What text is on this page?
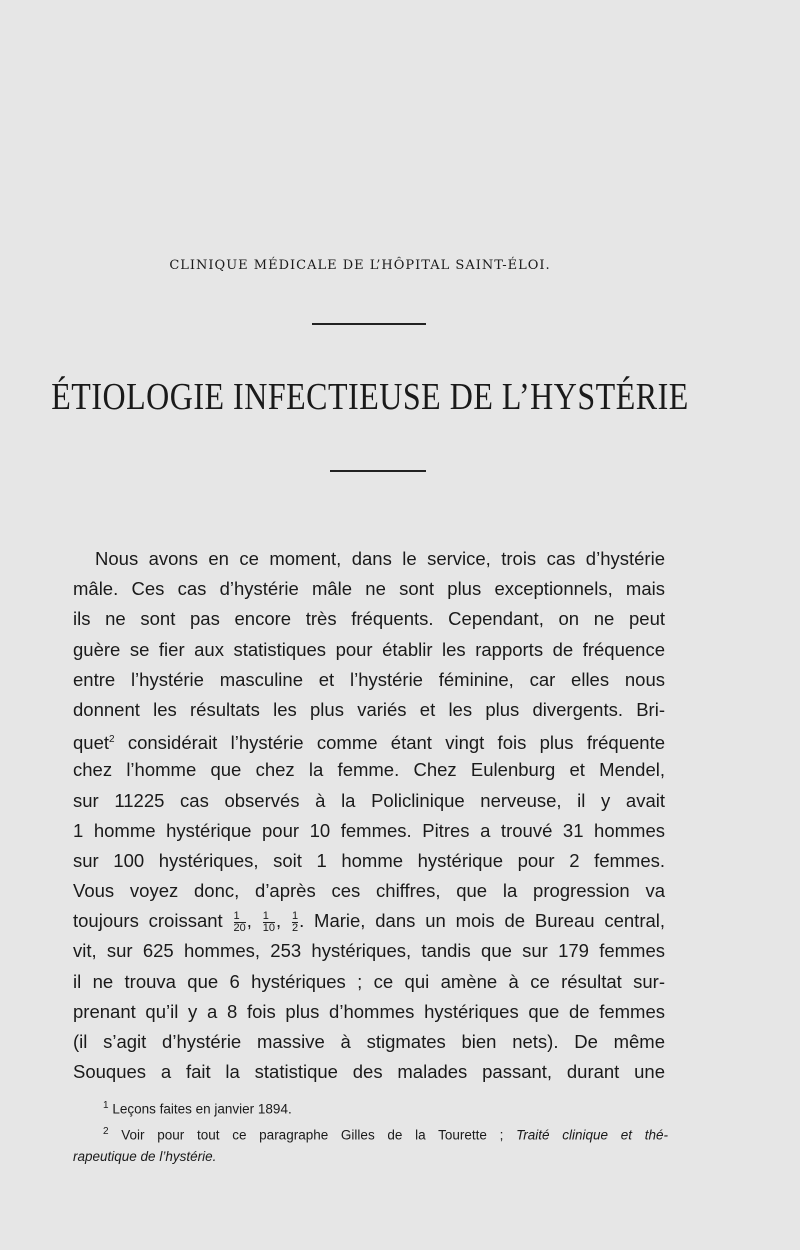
CLINIQUE MÉDICALE DE L’HÔPITAL SAINT-ÉLOI.
ÉTIOLOGIE INFECTIEUSE DE L’HYSTÉRIE
Nous avons en ce moment, dans le service, trois cas d’hystérie
mâle. Ces cas d’hystérie mâle ne sont plus exceptionnels, mais
ils ne sont pas encore très fréquents. Cependant, on ne peut
guère se fier aux statistiques pour établir les rapports de fréquence
entre l’hystérie masculine et l’hystérie féminine, car elles nous
donnent les résultats les plus variés et les plus divergents. Bri-
quet$^2$ considérait l’hystérie comme étant vingt fois plus fréquente
chez l’homme que chez la femme. Chez Eulenburg et Mendel,
sur 11225 cas observés à la Policlinique nerveuse, il y avait
1 homme hystérique pour 10 femmes. Pitres a trouvé 31 hommes
sur 100 hystériques, soit 1 homme hystérique pour 2 femmes.
Vous voyez donc, d’après ces chiffres, que la progression va
toujours croissant $\frac{1}{20}$ , $\frac{1}{10}$ , $\frac{1}{2}$ . Marie, dans un mois de Bureau central,
vit, sur 625 hommes, 253 hystériques, tandis que sur 179 femmes
il ne trouva que 6 hystériques ; ce qui amène à ce résultat sur-
prenant qu’il y a 8 fois plus d’hommes hystériques que de femmes
(il s’agit d’hystérie massive à stigmates bien nets). De même
Souques a fait la statistique des malades passant, durant une
$^1$ Leçons faites en janvier 1894.
$^2$ Voir pour tout ce paragraphe Gilles de la Tourette ; Traité clinique et thé-
rapeutique de l’hystérie.
